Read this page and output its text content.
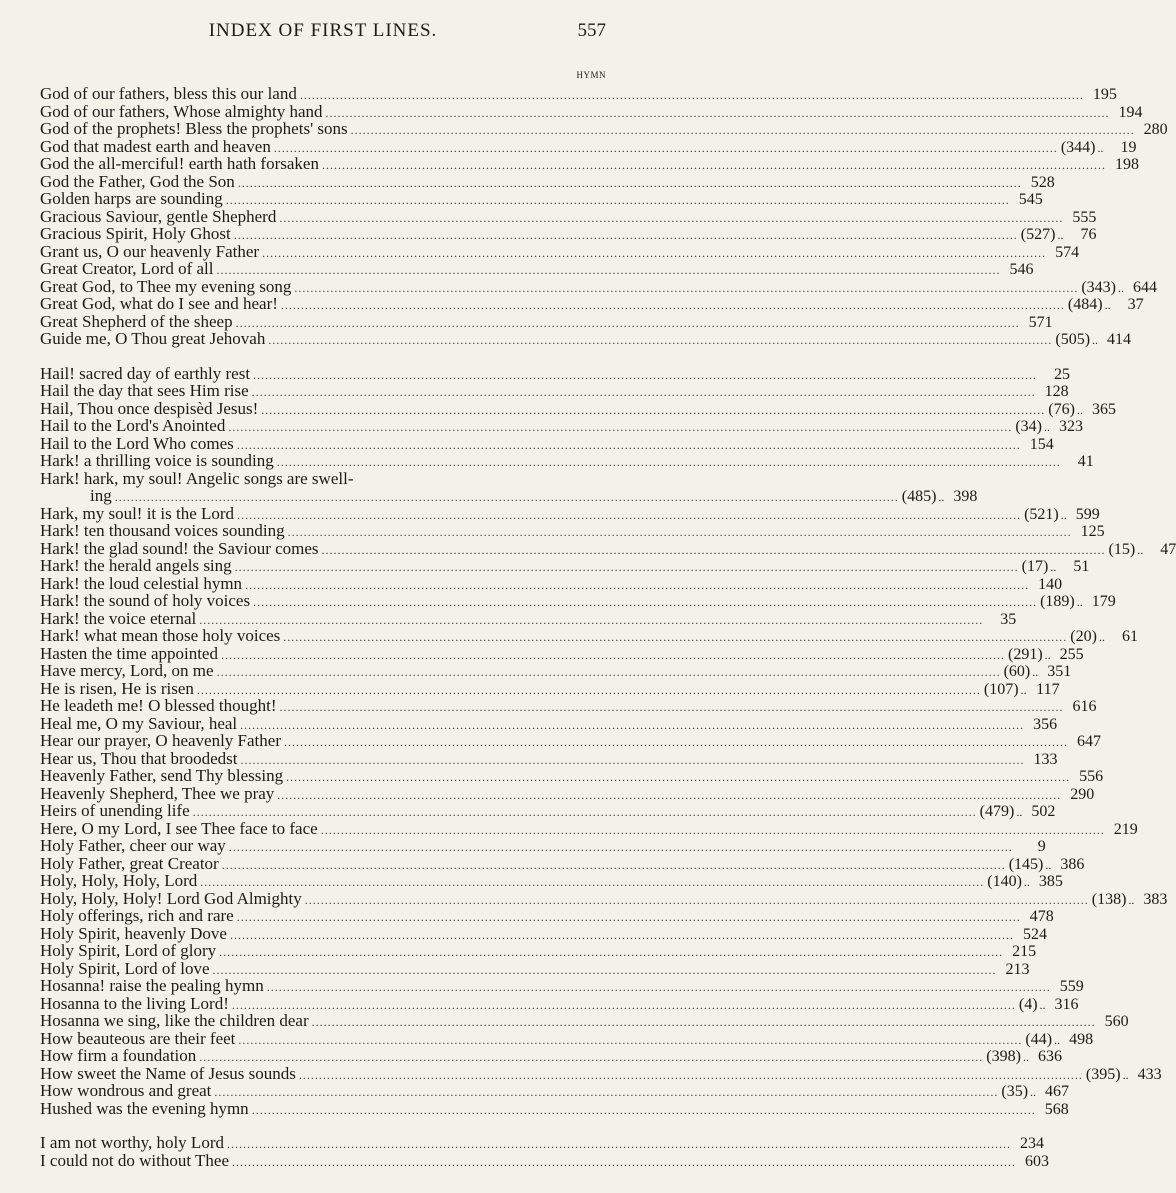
INDEX OF FIRST LINES.	557
HYMN
God of our fathers, bless this our land .....	195
God of our fathers, Whose almighty hand .....	194
God of the prophets! Bless the prophets' sons .....	280
God that madest earth and heaven .....	(344) ..	19
God the all-merciful! earth hath forsaken .....	198
God the Father, God the Son .....	528
Golden harps are sounding .....	545
Gracious Saviour, gentle Shepherd .....	555
Gracious Spirit, Holy Ghost .....	(527) ..	76
Grant us, O our heavenly Father .....	574
Great Creator, Lord of all .....	546
Great God, to Thee my evening song .....	(343) .. 644
Great God, what do I see and hear! .....	(484) ..	37
Great Shepherd of the sheep .....	571
Guide me, O Thou great Jehovah .....	(505) .. 414
Hail! sacred day of earthly rest .....	25
Hail the day that sees Him rise .....	128
Hail, Thou once despisèd Jesus! .....	(76) .. 365
Hail to the Lord's Anointed .....	(34) .. 323
Hail to the Lord Who comes .....	154
Hark! a thrilling voice is sounding .....	41
Hark! hark, my soul! Angelic songs are swell-
ing .....	(485) .. 398
Hark, my soul! it is the Lord .....	(521) .. 599
Hark! ten thousand voices sounding .....	125
Hark! the glad sound! the Saviour comes .....	(15) ..	47
Hark! the herald angels sing .....	(17) ..	51
Hark! the loud celestial hymn .....	140
Hark! the sound of holy voices .....	(189) .. 179
Hark! the voice eternal .....	35
Hark! what mean those holy voices .....	(20) ..	61
Hasten the time appointed .....	(291) .. 255
Have mercy, Lord, on me .....	(60) .. 351
He is risen, He is risen .....	(107) .. 117
He leadeth me! O blessed thought! .....	616
Heal me, O my Saviour, heal .....	356
Hear our prayer, O heavenly Father .....	647
Hear us, Thou that broodedst .....	133
Heavenly Father, send Thy blessing .....	556
Heavenly Shepherd, Thee we pray .....	290
Heirs of unending life .....	(479) .. 502
Here, O my Lord, I see Thee face to face .....	219
Holy Father, cheer our way .....	9
Holy Father, great Creator .....	(145) .. 386
Holy, Holy, Holy, Lord .....	(140) .. 385
Holy, Holy, Holy! Lord God Almighty .....	(138) .. 383
Holy offerings, rich and rare .....	478
Holy Spirit, heavenly Dove .....	524
Holy Spirit, Lord of glory .....	215
Holy Spirit, Lord of love .....	213
Hosanna! raise the pealing hymn .....	559
Hosanna to the living Lord! .....	(4) .. 316
Hosanna we sing, like the children dear .....	560
How beauteous are their feet .....	(44) .. 498
How firm a foundation .....	(398) .. 636
How sweet the Name of Jesus sounds .....	(395) .. 433
How wondrous and great .....	(35) .. 467
Hushed was the evening hymn .....	568
I am not worthy, holy Lord .....	234
I could not do without Thee .....	603
